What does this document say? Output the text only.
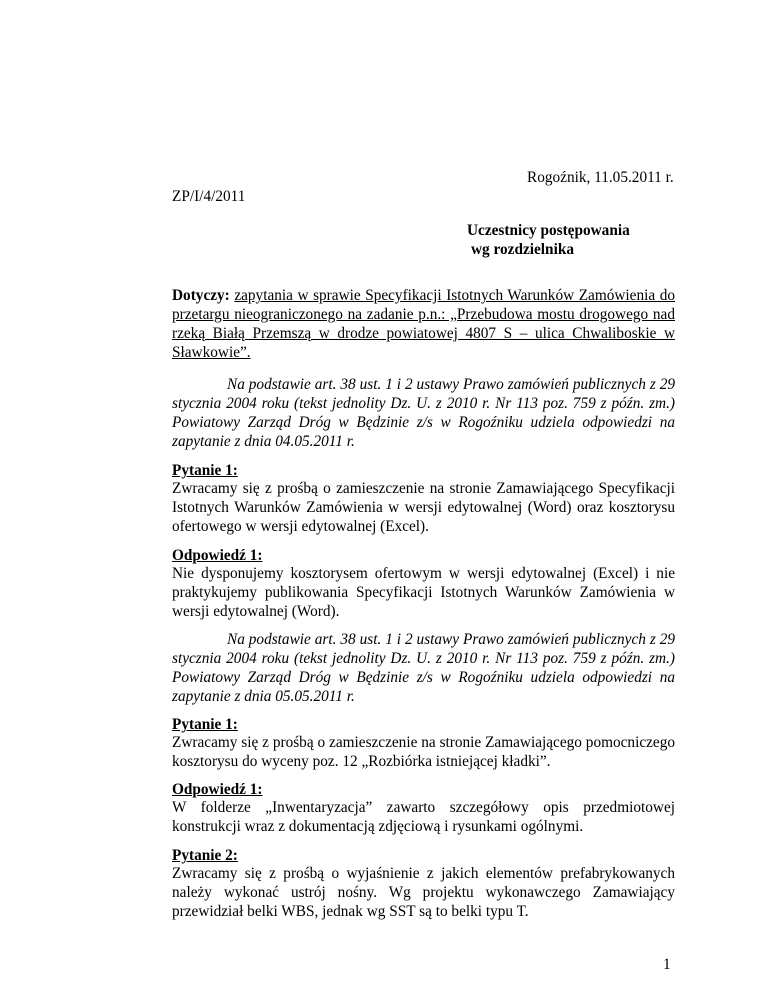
Rogoźnik, 11.05.2011 r.
ZP/I/4/2011
Uczestnicy postępowania
wg rozdzielnika
Dotyczy: zapytania w sprawie Specyfikacji Istotnych Warunków Zamówienia do przetargu nieograniczonego na zadanie p.n.: „Przebudowa mostu drogowego nad rzeką Białą Przemszą w drodze powiatowej 4807 S – ulica Chwaliboskie w Sławkowie”.
Na podstawie art. 38 ust. 1 i 2 ustawy Prawo zamówień publicznych z 29 stycznia 2004 roku (tekst jednolity Dz. U. z 2010 r. Nr 113 poz. 759 z późn. zm.) Powiatowy Zarząd Dróg w Będzinie z/s w Rogoźniku udziela odpowiedzi na zapytanie z dnia 04.05.2011 r.
Pytanie 1:
Zwracamy się z prośbą o zamieszczenie na stronie Zamawiającego Specyfikacji Istotnych Warunków Zamówienia w wersji edytowalnej (Word) oraz kosztorysu ofertowego w wersji edytowalnej (Excel).
Odpowiedź 1:
Nie dysponujemy kosztorysem ofertowym w wersji edytowalnej (Excel) i nie praktykujemy publikowania Specyfikacji Istotnych Warunków Zamówienia w wersji edytowalnej (Word).
Na podstawie art. 38 ust. 1 i 2 ustawy Prawo zamówień publicznych z 29 stycznia 2004 roku (tekst jednolity Dz. U. z 2010 r. Nr 113 poz. 759 z późn. zm.) Powiatowy Zarząd Dróg w Będzinie z/s w Rogoźniku udziela odpowiedzi na zapytanie z dnia 05.05.2011 r.
Pytanie 1:
Zwracamy się z prośbą o zamieszczenie na stronie Zamawiającego pomocniczego kosztorysu do wyceny poz. 12 „Rozbiórka istniejącej kładki”.
Odpowiedź 1:
W folderze „Inwentaryzacja” zawarto szczegółowy opis przedmiotowej konstrukcji wraz z dokumentacją zdjęciową i rysunkami ogólnymi.
Pytanie 2:
Zwracamy się z prośbą o wyjaśnienie z jakich elementów prefabrykowanych należy wykonać ustrój nośny. Wg projektu wykonawczego Zamawiający przewidział belki WBS, jednak wg SST są to belki typu T.
1
